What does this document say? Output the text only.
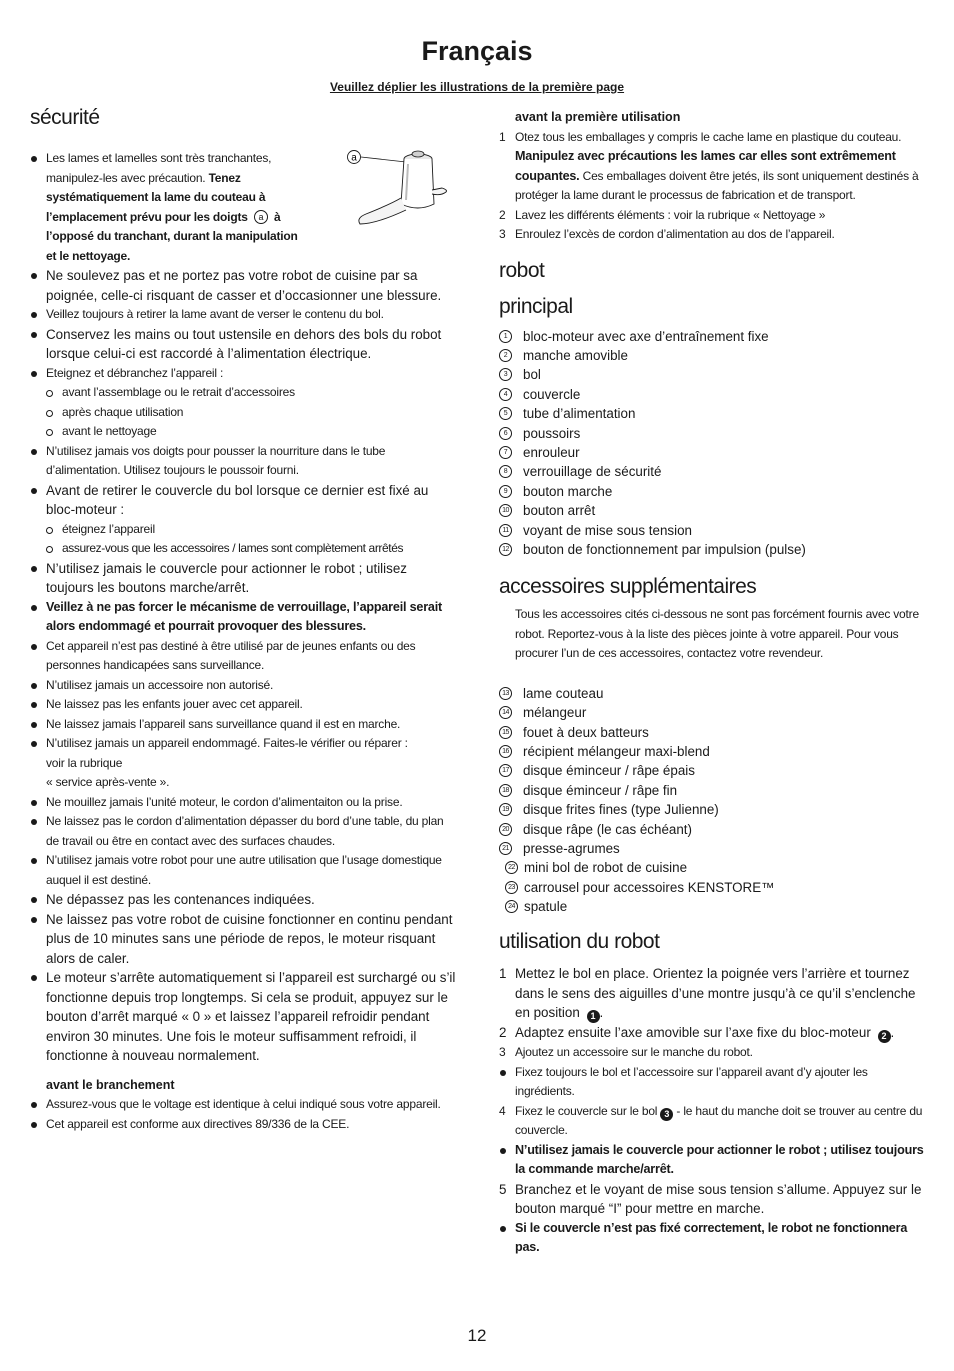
Français
Veuillez déplier les illustrations de la première page
sécurité
a
Les lames et lamelles sont très tranchantes, manipulez-les avec précaution. Tenez systématiquement la lame du couteau à l’emplacement prévu pour les doigts a à l’opposé du tranchant, durant la manipulation et le nettoyage.
Ne soulevez pas et ne portez pas votre robot de cuisine par sa poignée, celle-ci risquant de casser et d’occasionner une blessure.
Veillez toujours à retirer la lame avant de verser le contenu du bol.
Conservez les mains ou tout ustensile en dehors des bols du robot lorsque celui-ci est raccordé à l’alimentation électrique.
Eteignez et débranchez l’appareil :
avant l’assemblage ou le retrait d’accessoires
après chaque utilisation
avant le nettoyage
N’utilisez jamais vos doigts pour pousser la nourriture dans le tube d’alimentation. Utilisez toujours le poussoir fourni.
Avant de retirer le couvercle du bol lorsque ce dernier est fixé au bloc-moteur :
éteignez l’appareil
assurez-vous que les accessoires / lames sont complètement arrêtés
N’utilisez jamais le couvercle pour actionner le robot ; utilisez toujours les boutons marche/arrêt.
Veillez à ne pas forcer le mécanisme de verrouillage, l’appareil serait alors endommagé et pourrait provoquer des blessures.
Cet appareil n’est pas destiné à être utilisé par de jeunes enfants ou des personnes handicapées sans surveillance.
N’utilisez jamais un accessoire non autorisé.
Ne laissez pas les enfants jouer avec cet appareil.
Ne laissez jamais l’appareil sans surveillance quand il est en marche.
N’utilisez jamais un appareil endommagé. Faites-le vérifier ou réparer : voir la rubrique
« service après-vente ».
Ne mouillez jamais l’unité moteur, le cordon d’alimentaiton ou la prise.
Ne laissez pas le cordon d’alimentation dépasser du bord d’une table, du plan de travail ou être en contact avec des surfaces chaudes.
N’utilisez jamais votre robot pour une autre utilisation que l’usage domestique auquel il est destiné.
Ne dépassez pas les contenances indiquées.
Ne laissez pas votre robot de cuisine fonctionner en continu pendant plus de 10 minutes sans une période de repos, le moteur risquant alors de caler.
Le moteur s’arrête automatiquement si l’appareil est surchargé ou s’il fonctionne depuis trop longtemps. Si cela se produit, appuyez sur le bouton d’arrêt marqué « 0 » et laissez l’appareil refroidir pendant environ 30 minutes. Une fois le moteur suffisamment refroidi, il fonctionne à nouveau normalement.
avant le branchement
Assurez-vous que le voltage est identique à celui indiqué sous votre appareil.
Cet appareil est conforme aux directives 89/336 de la CEE.
avant la première utilisation
1 Otez tous les emballages y compris le cache lame en plastique du couteau. Manipulez avec précautions les lames car elles sont extrêmement coupantes. Ces emballages doivent être jetés, ils sont uniquement destinés à protéger la lame durant le processus de fabrication et de transport.
2 Lavez les différents éléments : voir la rubrique « Nettoyage »
3 Enroulez l’excès de cordon d’alimentation au dos de l’appareil.
robot
principal
1	bloc-moteur avec axe d’entraînement fixe
2	manche amovible
3	bol
4	couvercle
5	tube d’alimentation
6	poussoirs
7	enrouleur
8	verrouillage de sécurité
9	bouton marche
10 bouton arrêt
11 voyant de mise sous tension
12 bouton de fonctionnement par impulsion (pulse)
accessoires supplémentaires
Tous les accessoires cités ci-dessous ne sont pas forcément fournis avec votre robot. Reportez-vous à la liste des pièces jointe à votre appareil. Pour vous procurer l’un de ces accessoires, contactez votre revendeur.
13 lame couteau
14 mélangeur
15 fouet à deux batteurs
16 récipient mélangeur maxi-blend
17 disque éminceur / râpe épais
18 disque éminceur / râpe fin
19 disque frites fines (type Julienne)
20 disque râpe (le cas échéant)
21 presse-agrumes
22 mini bol de robot de cuisine
23 carrousel pour accessoires KENSTORE™
24 spatule
utilisation du robot
1 Mettez le bol en place. Orientez la poignée vers l’arrière et tournez dans le sens des aiguilles d’une montre jusqu’à ce qu’il s’enclenche en position 1 .
2 Adaptez ensuite l’axe amovible sur l’axe fixe du bloc-moteur 2 .
3 Ajoutez un accessoire sur le manche du robot.
Fixez toujours le bol et l’accessoire sur l’appareil avant d’y ajouter les ingrédients.
4 Fixez le couvercle sur le bol 3 - le haut du manche doit se trouver au centre du couvercle.
N’utilisez jamais le couvercle pour actionner le robot ; utilisez toujours la commande marche/arrêt.
5 Branchez et le voyant de mise sous tension s’allume. Appuyez sur le bouton marqué “I” pour mettre en marche.
Si le couvercle n’est pas fixé correctement, le robot ne fonctionnera pas.
12
